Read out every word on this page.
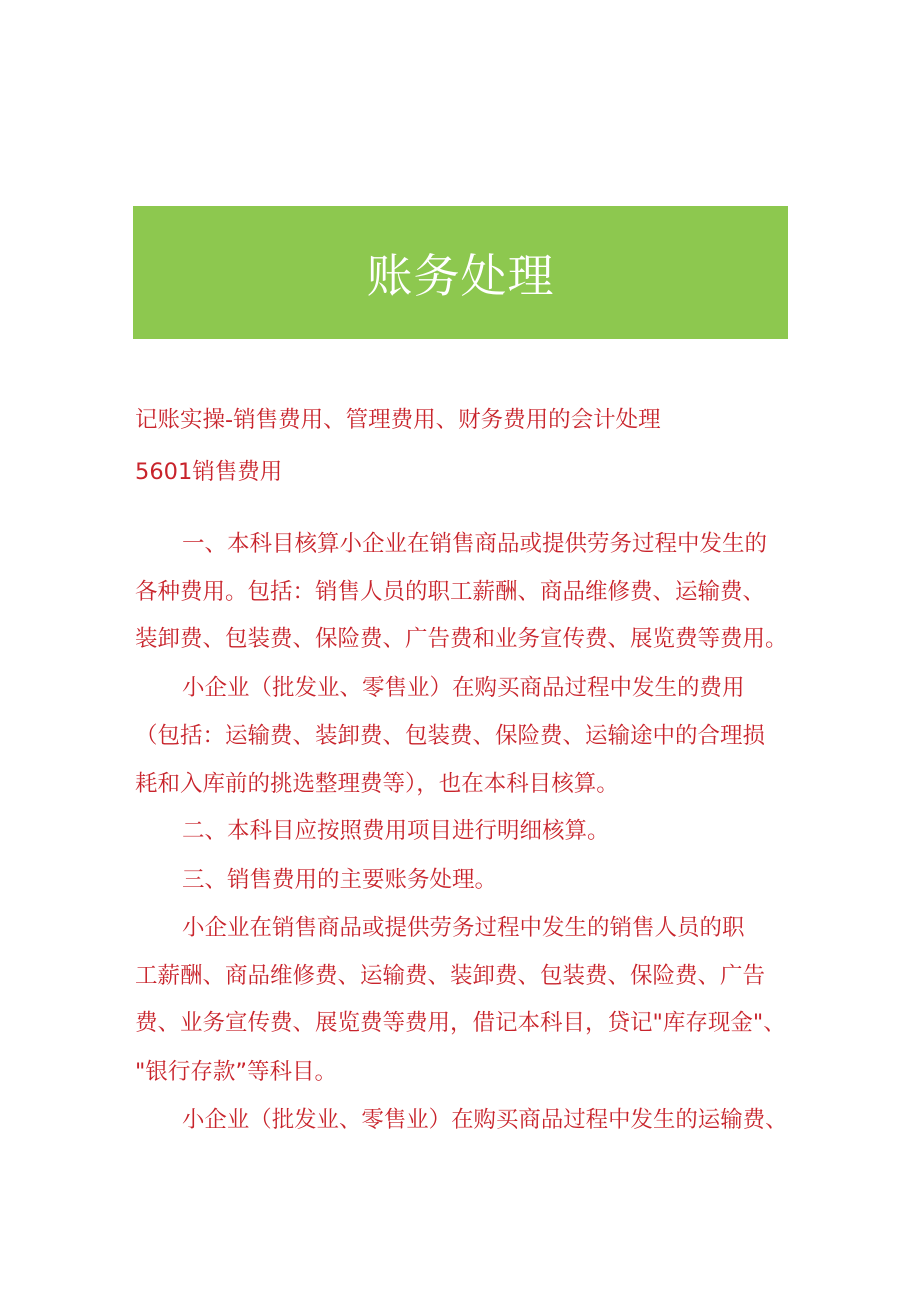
账务处理
记账实操-销售费用、管理费用、财务费用的会计处理
5601销售费用
一、本科目核算小企业在销售商品或提供劳务过程中发生的
各种费用。包括：销售人员的职工薪酬、商品维修费、运输费、
装卸费、包装费、保险费、广告费和业务宣传费、展览费等费用。
小企业（批发业、零售业）在购买商品过程中发生的费用
（包括：运输费、装卸费、包装费、保险费、运输途中的合理损
耗和入库前的挑选整理费等），也在本科目核算。
二、本科目应按照费用项目进行明细核算。
三、销售费用的主要账务处理。
小企业在销售商品或提供劳务过程中发生的销售人员的职
工薪酬、商品维修费、运输费、装卸费、包装费、保险费、广告
费、业务宣传费、展览费等费用，借记本科目，贷记"库存现金"、
"银行存款”等科目。
小企业（批发业、零售业）在购买商品过程中发生的运输费、
